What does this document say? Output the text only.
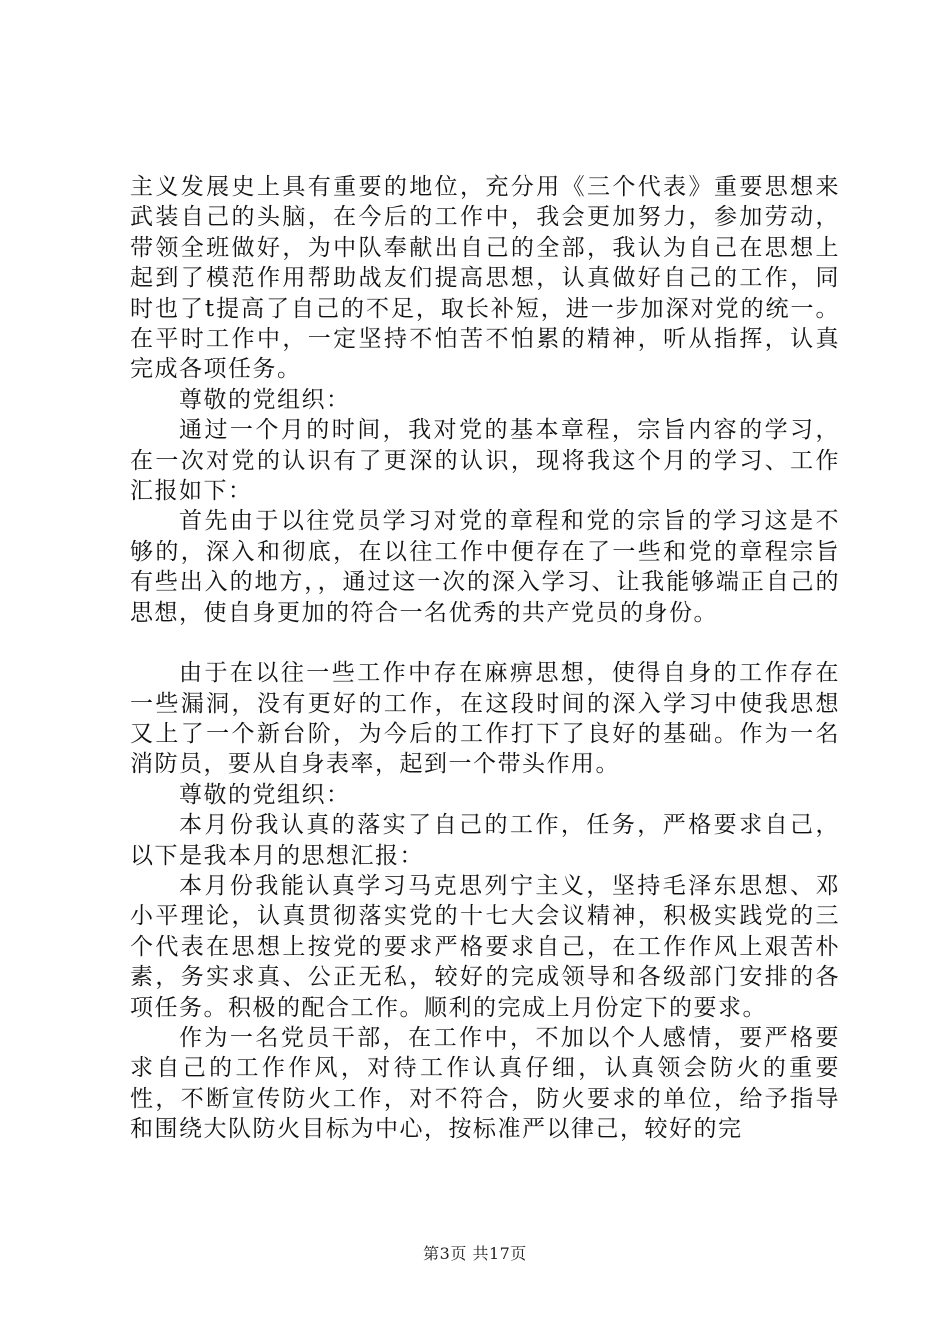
主义发展史上具有重要的地位，充分用《三个代表》重要思想来武装自己的头脑，在今后的工作中，我会更加努力，参加劳动，带领全班做好，为中队奉献出自己的全部，我认为自己在思想上起到了模范作用帮助战友们提高思想，认真做好自己的工作，同时也了t提高了自己的不足，取长补短，进一步加深对党的统一。在平时工作中，一定坚持不怕苦不怕累的精神，听从指挥，认真完成各项任务。

尊敬的党组织：

通过一个月的时间，我对党的基本章程，宗旨内容的学习，在一次对党的认识有了更深的认识，现将我这个月的学习、工作汇报如下：

首先由于以往党员学习对党的章程和党的宗旨的学习这是不够的，深入和彻底，在以往工作中便存在了一些和党的章程宗旨有些出入的地方，，通过这一次的深入学习、让我能够端正自己的思想，使自身更加的符合一名优秀的共产党员的身份。

由于在以往一些工作中存在麻痹思想，使得自身的工作存在一些漏洞，没有更好的工作，在这段时间的深入学习中使我思想又上了一个新台阶，为今后的工作打下了良好的基础。作为一名消防员，要从自身表率，起到一个带头作用。

尊敬的党组织：

本月份我认真的落实了自己的工作，任务，严格要求自己，以下是我本月的思想汇报：

本月份我能认真学习马克思列宁主义，坚持毛泽东思想、邓小平理论，认真贯彻落实党的十七大会议精神，积极实践党的三个代表在思想上按党的要求严格要求自己，在工作作风上艰苦朴素，务实求真、公正无私，较好的完成领导和各级部门安排的各项任务。积极的配合工作。顺利的完成上月份定下的要求。

作为一名党员干部，在工作中，不加以个人感情，要严格要求自己的工作作风，对待工作认真仔细，认真领会防火的重要性，不断宣传防火工作，对不符合，防火要求的单位，给予指导和围绕大队防火目标为中心，按标准严以律己，较好的完

第3页 共17页
